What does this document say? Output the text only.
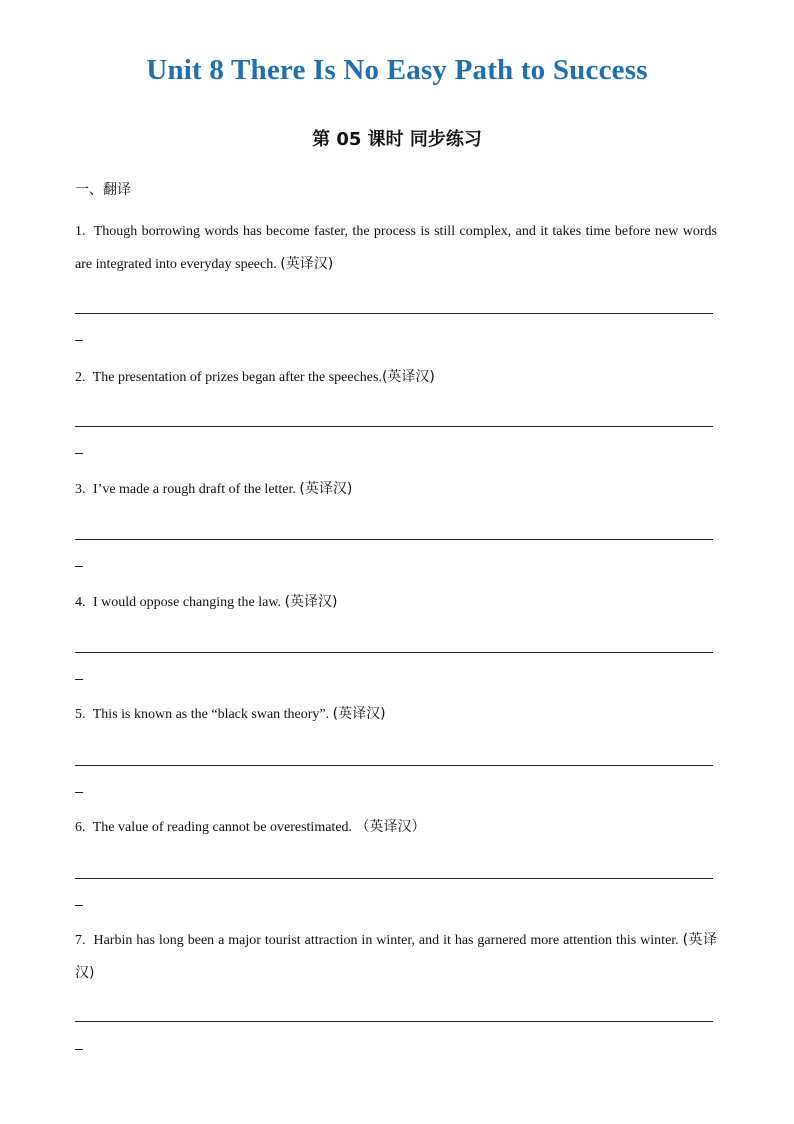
Unit 8 There Is No Easy Path to Success
第 05 课时 同步练习
一、翻译
1. Though borrowing words has become faster, the process is still complex, and it takes time before new words are integrated into everyday speech. (英译汉)
2. The presentation of prizes began after the speeches.(英译汉)
3. I’ve made a rough draft of the letter. (英译汉)
4. I would oppose changing the law. (英译汉)
5. This is known as the “black swan theory”. (英译汉)
6. The value of reading cannot be overestimated. （英译汉）
7. Harbin has long been a major tourist attraction in winter, and it has garnered more attention this winter. (英译汉)
